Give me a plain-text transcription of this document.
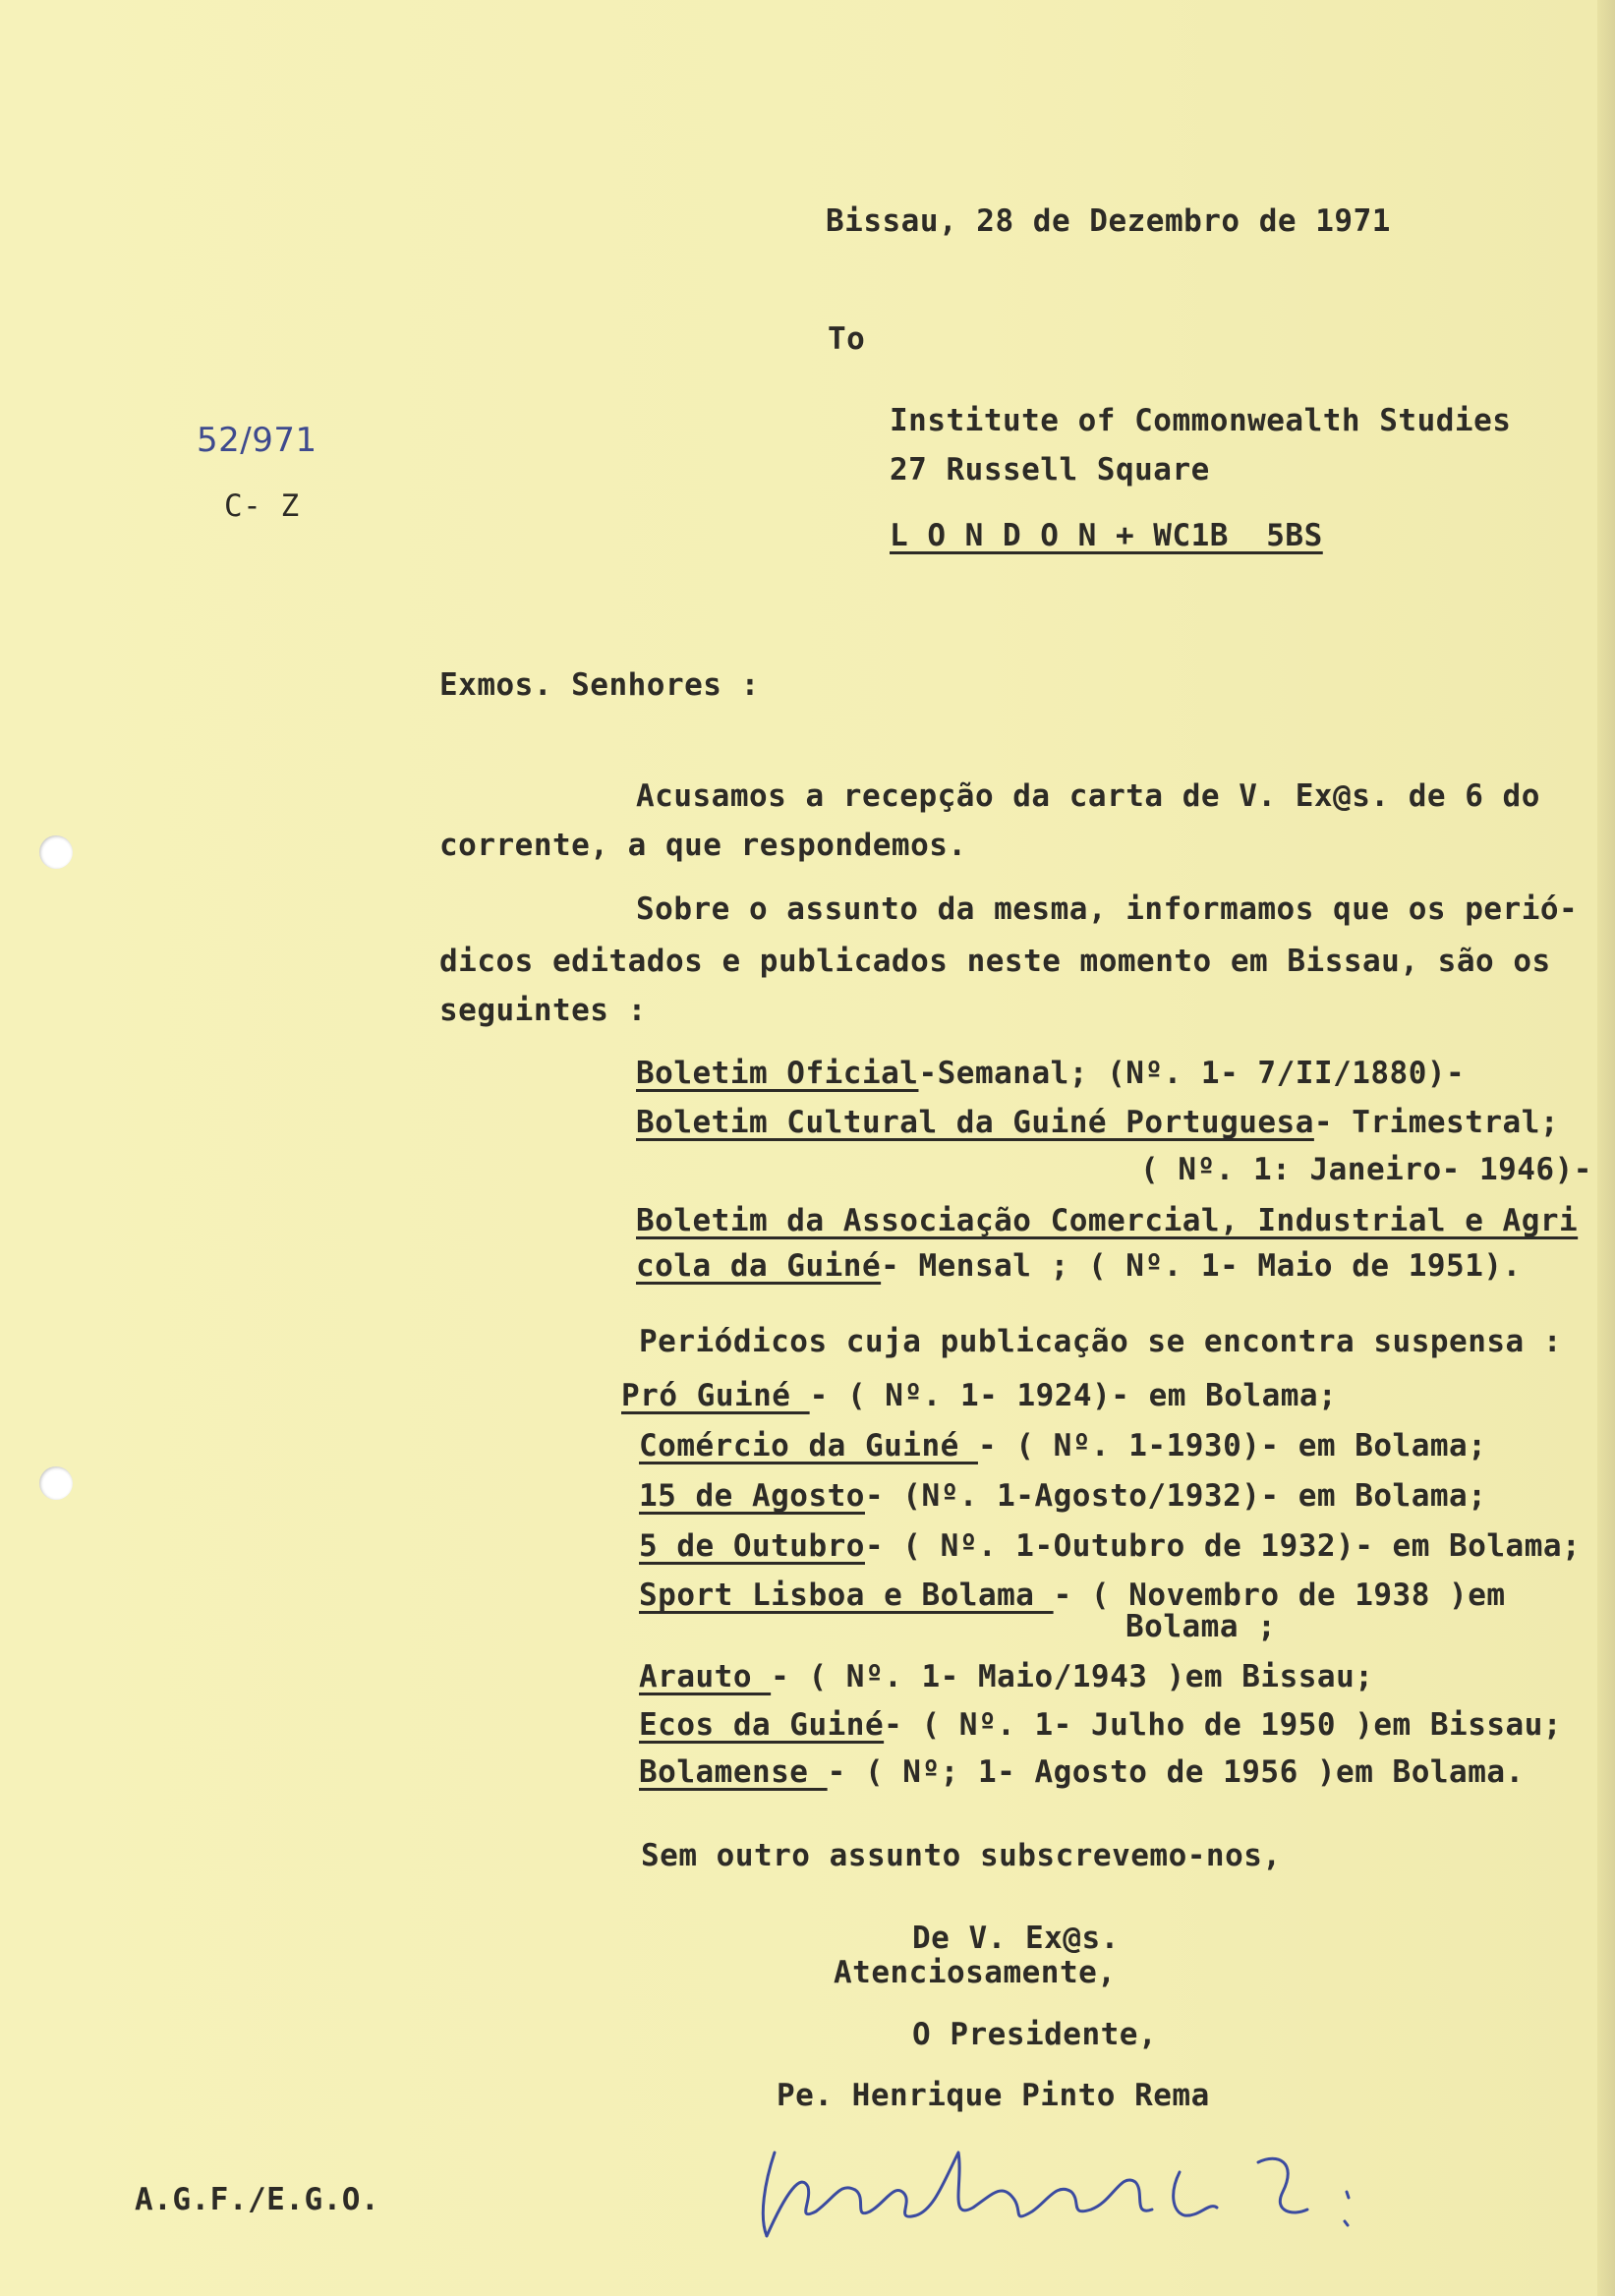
Bissau, 28 de Dezembro de 1971
To
52/971
C- Z
Institute of Commonwealth Studies
27 Russell Square
L O N D O N + WC1B  5BS
Exmos. Senhores :
Acusamos a recepção da carta de V. Ex@s. de 6 do
corrente, a que respondemos.
Sobre o assunto da mesma, informamos que os perió-
dicos editados e publicados neste momento em Bissau, são os
seguintes :
Boletim Oficial-Semanal; (Nº. 1- 7/II/1880)-
Boletim Cultural da Guiné Portuguesa- Trimestral;
( Nº. 1: Janeiro- 1946)-
Boletim da Associação Comercial, Industrial e Agri
cola da Guiné- Mensal ; ( Nº. 1- Maio de 1951).
Periódicos cuja publicação se encontra suspensa :
Pró Guiné - ( Nº. 1- 1924)- em Bolama;
Comércio da Guiné - ( Nº. 1-1930)- em Bolama;
15 de Agosto- (Nº. 1-Agosto/1932)- em Bolama;
5 de Outubro- ( Nº. 1-Outubro de 1932)- em Bolama;
Sport Lisboa e Bolama - ( Novembro de 1938 )em
Bolama ;
Arauto - ( Nº. 1- Maio/1943 )em Bissau;
Ecos da Guiné- ( Nº. 1- Julho de 1950 )em Bissau;
Bolamense - ( Nº; 1- Agosto de 1956 )em Bolama.
Sem outro assunto subscrevemo-nos,
De V. Ex@s.
Atenciosamente,
O Presidente,
Pe. Henrique Pinto Rema
A.G.F./E.G.O.
